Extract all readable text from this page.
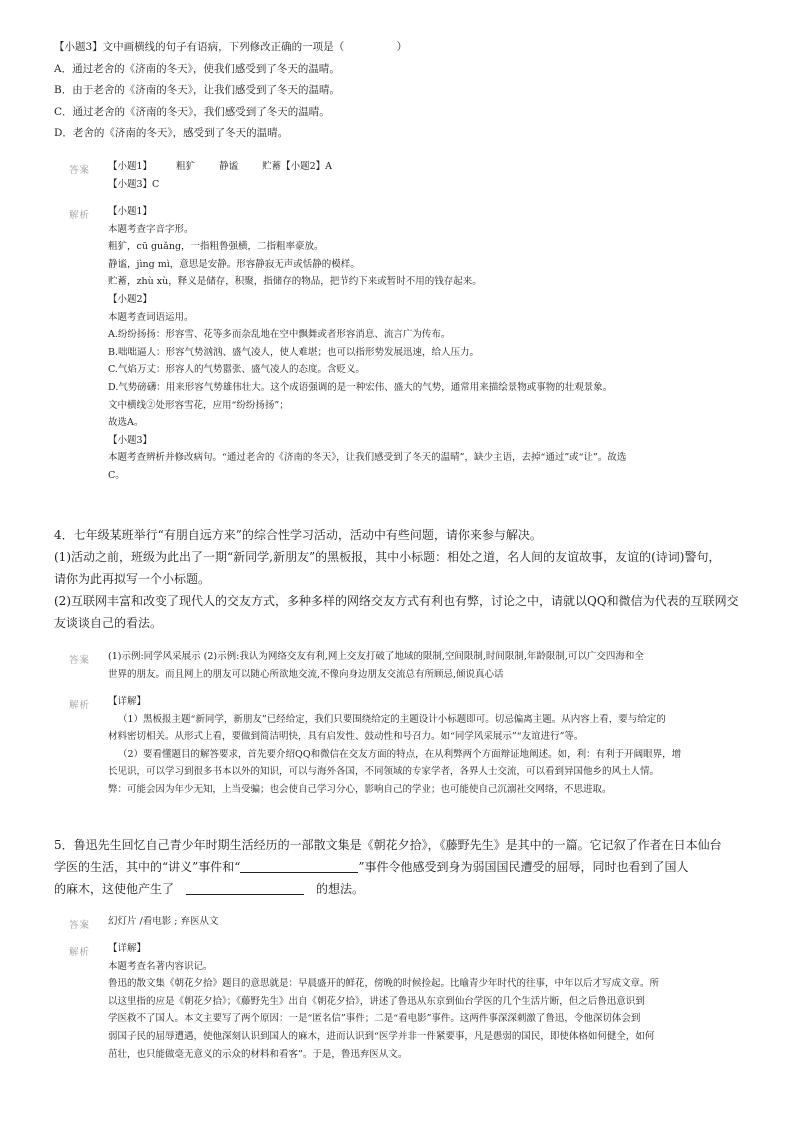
【小题3】文中画横线的句子有语病，下列修改正确的一项是（　　　　　）
A．通过老舍的《济南的冬天》，使我们感受到了冬天的温晴。
B．由于老舍的《济南的冬天》，让我们感受到了冬天的温晴。
C．通过老舍的《济南的冬天》，我们感受到了冬天的温晴。
D．老舍的《济南的冬天》，感受到了冬天的温晴。
答案 【小题1】	粗犷	静谧	贮蓄【小题2】A
【小题3】C
解析 【小题1】
本题考查字音字形。
粗犷，cū guǎng，一指粗鲁强横，二指粗率豪放。
静谧，jìng mì，意思是安静。形容静寂无声或恬静的模样。
贮蓄，zhù xù，释义是储存，积聚，指储存的物品，把节约下来或暂时不用的钱存起来。
【小题2】
本题考查词语运用。
A.纷纷扬扬：形容雪、花等多而杂乱地在空中飘舞或者形容消息、流言广为传布。
B.咄咄逼人：形容气势汹汹、盛气凌人，使人难堪；也可以指形势发展迅速，给人压力。
C.气焰万丈：形容人的气势嚣张、盛气凌人的态度。含贬义。
D.气势磅礴：用来形容气势雄伟壮大。这个成语强调的是一种宏伟、盛大的气势，通常用来描绘景物或事物的壮观景象。
文中横线②处形容雪花，应用“纷纷扬扬”；
故选A。
【小题3】
本题考查辨析并修改病句。“通过老舍的《济南的冬天》，让我们感受到了冬天的温晴”，缺少主语，去掉“通过”或“让”。故选
C。
4．七年级某班举行“有朋自远方来”的综合性学习活动，活动中有些问题，请你来参与解决。
(1)活动之前，班级为此出了一期“新同学,新朋友”的黑板报，其中小标题：相处之道，名人间的友谊故事，友谊的(诗词)警句，
请你为此再拟写一个小标题。
(2)互联网丰富和改变了现代人的交友方式，多种多样的网络交友方式有利也有弊，讨论之中，请就以QQ和微信为代表的互联网交
友谈谈自己的看法。
答案 (1)示例:同学风采展示 (2)示例:我认为网络交友有利,网上交友打破了地域的限制,空间限制,时间限制,年龄限制,可以广交四海和全
世界的朋友。而且网上的朋友可以随心所欲地交流,不像向身边朋友交流总有所顾忌,倾说真心话
解析 【详解】
（1）黑板报主题“新同学，新朋友”已经给定，我们只要围绕给定的主题设计小标题即可。切忌偏离主题。从内容上看，要与给定的
材料密切相关。从形式上看，要做到简洁明快，具有启发性、鼓动性和号召力。如“同学风采展示”“友谊进行”等。
（2）要看懂题目的解答要求，首先要介绍QQ和微信在交友方面的特点，在从利弊两个方面辩证地阐述。如，利：有利于开阔眼界，增
长见识，可以学习到很多书本以外的知识，可以与海外各国，不同领域的专家学者，各界人士交流，可以看到异国他乡的风土人情。
弊：可能会因为年少无知，上当受骗；也会使自己学习分心，影响自己的学业；也可能使自己沉溺社交网络，不思进取。
5．鲁迅先生回忆自己青少年时期生活经历的一部散文集是《朝花夕拾》，《藤野先生》是其中的一篇。它记叙了作者在日本仙台
学医的生活，其中的“讲义”事件和“	”事件令他感受到身为弱国国民遭受的屈辱，同时也看到了国人
的麻木，这使他产生了	的想法。
答案 幻灯片 /看电影 ; 弃医从文
解析 【详解】
本题考查名著内容识记。
鲁迅的散文集《朝花夕拾》题目的意思就是：早晨盛开的鲜花，傍晚的时候捡起。比喻青少年时代的往事，中年以后才写成文章。所
以这里指的应是《朝花夕拾》；《藤野先生》出自《朝花夕拾》，讲述了鲁迅从东京到仙台学医的几个生活片断，但之后鲁迅意识到
学医救不了国人。本文主要写了两个原因：一是“匿名信”事件；二是“看电影”事件。这两件事深深刺激了鲁迅，令他深切体会到
弱国子民的屈辱遭遇，使他深刻认识到国人的麻木，进而认识到“医学并非一件紧要事，凡是愚弱的国民，即使体格如何健全，如何
茁壮，也只能做毫无意义的示众的材料和看客”。于是，鲁迅弃医从文。
